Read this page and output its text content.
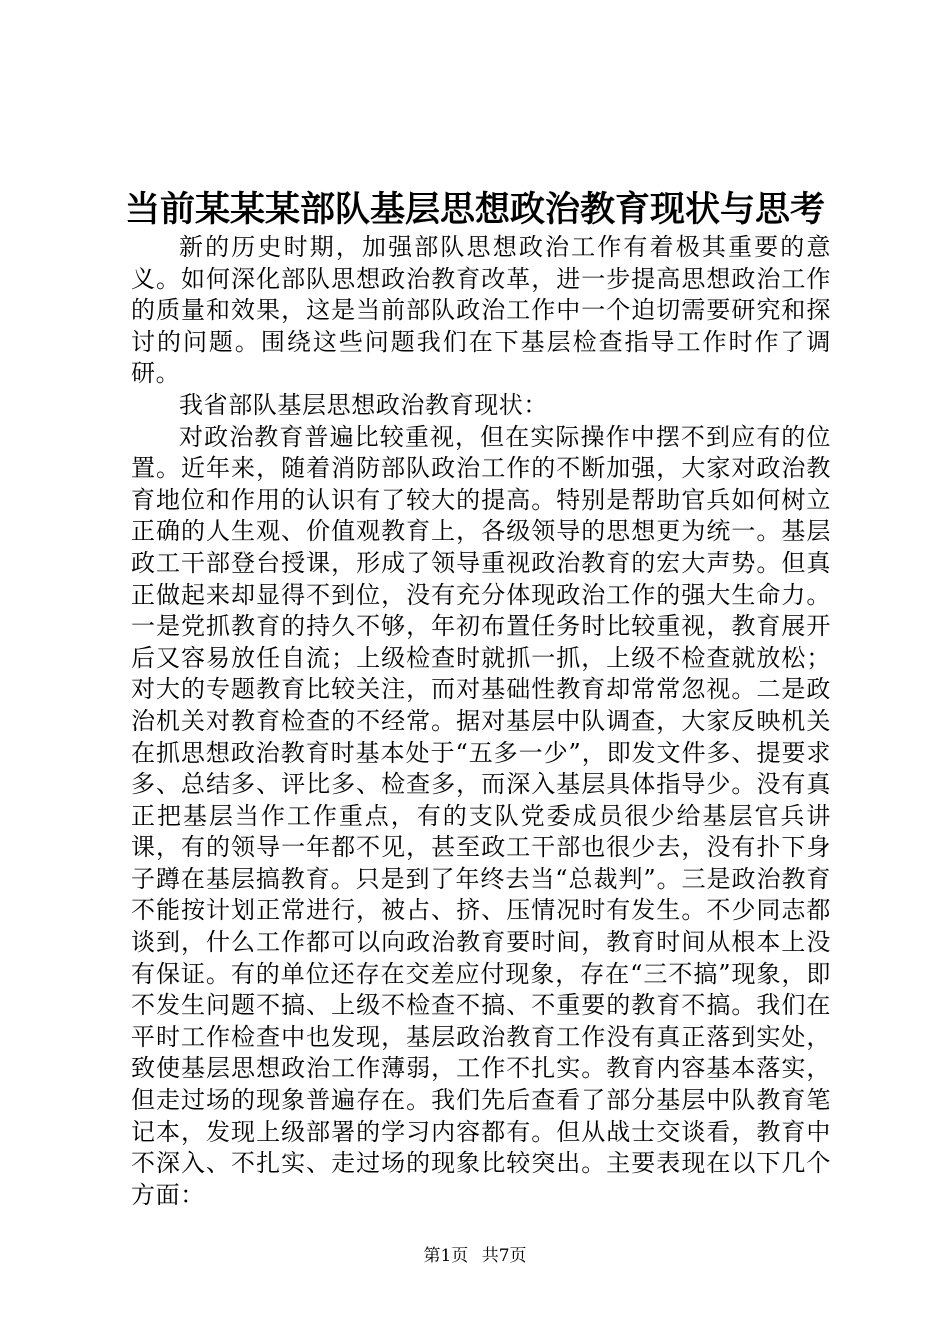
当前某某某部队基层思想政治教育现状与思考

新的历史时期，加强部队思想政治工作有着极其重要的意义。如何深化部队思想政治教育改革，进一步提高思想政治工作的质量和效果，这是当前部队政治工作中一个迫切需要研究和探讨的问题。围绕这些问题我们在下基层检查指导工作时作了调研。

我省部队基层思想政治教育现状：

对政治教育普遍比较重视，但在实际操作中摆不到应有的位置。近年来，随着消防部队政治工作的不断加强，大家对政治教育地位和作用的认识有了较大的提高。特别是帮助官兵如何树立正确的人生观、价值观教育上，各级领导的思想更为统一。基层政工干部登台授课，形成了领导重视政治教育的宏大声势。但真正做起来却显得不到位，没有充分体现政治工作的强大生命力。一是党抓教育的持久不够，年初布置任务时比较重视，教育展开后又容易放任自流；上级检查时就抓一抓，上级不检查就放松；对大的专题教育比较关注，而对基础性教育却常常忽视。二是政治机关对教育检查的不经常。据对基层中队调查，大家反映机关在抓思想政治教育时基本处于“五多一少”，即发文件多、提要求多、总结多、评比多、检查多，而深入基层具体指导少。没有真正把基层当作工作重点，有的支队党委成员很少给基层官兵讲课，有的领导一年都不见，甚至政工干部也很少去，没有扑下身子蹲在基层搞教育。只是到了年终去当“总裁判”。三是政治教育不能按计划正常进行，被占、挤、压情况时有发生。不少同志都谈到，什么工作都可以向政治教育要时间，教育时间从根本上没有保证。有的单位还存在交差应付现象，存在“三不搞”现象，即不发生问题不搞、上级不检查不搞、不重要的教育不搞。我们在平时工作检查中也发现，基层政治教育工作没有真正落到实处，致使基层思想政治工作薄弱，工作不扎实。教育内容基本落实，但走过场的现象普遍存在。我们先后查看了部分基层中队教育笔记本，发现上级部署的学习内容都有。但从战士交谈看，教育中不深入、不扎实、走过场的现象比较突出。主要表现在以下几个方面：

第1页 共7页
